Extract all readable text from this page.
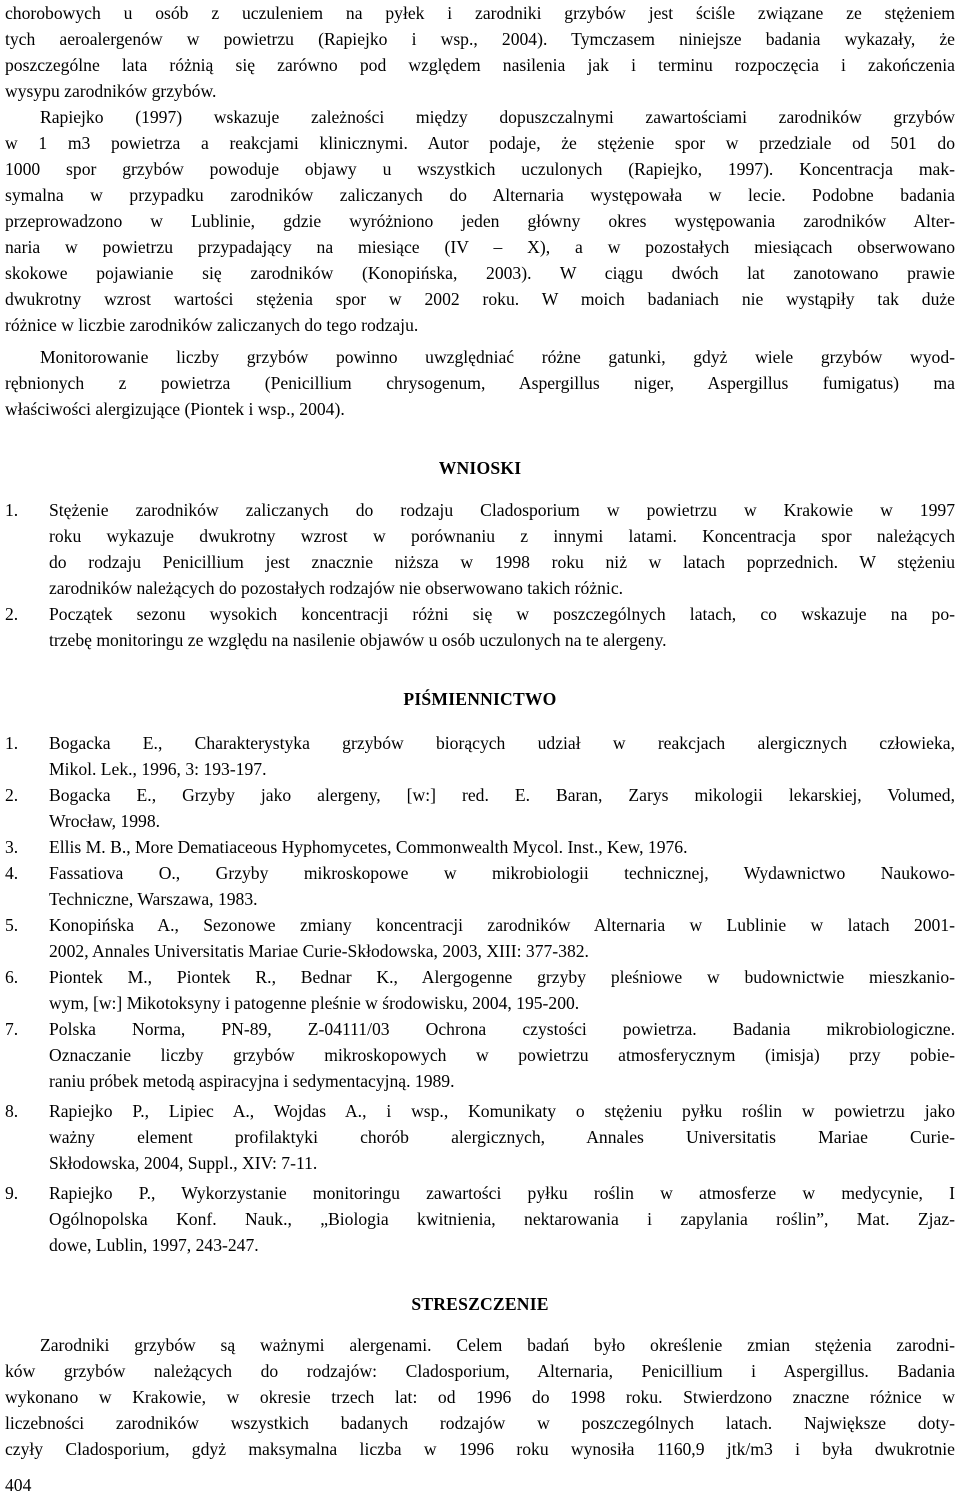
chorobowych u osób z uczuleniem na pyłek i zarodniki grzybów jest ściśle związane ze stężeniem

tych aeroalergenów w powietrzu (Rapiejko i wsp., 2004). Tymczasem niniejsze badania wykazały, że

poszczególne lata różnią się zarówno pod względem nasilenia jak i terminu rozpoczęcia i zakończenia

wysypu zarodników grzybów.

Rapiejko (1997) wskazuje zależności między dopuszczalnymi zawartościami zarodników grzybów

w 1 m3 powietrza a reakcjami klinicznymi. Autor podaje, że stężenie spor w przedziale od 501 do

1000 spor grzybów powoduje objawy u wszystkich uczulonych (Rapiejko, 1997). Koncentracja mak-

symalna w przypadku zarodników zaliczanych do Alternaria występowała w lecie. Podobne badania

przeprowadzono w Lublinie, gdzie wyróżniono jeden główny okres występowania zarodników Alter-

naria w powietrzu przypadający na miesiące (IV – X), a w pozostałych miesiącach obserwowano

skokowe pojawianie się zarodników (Konopińska, 2003). W ciągu dwóch lat zanotowano prawie

dwukrotny wzrost wartości stężenia spor w 2002 roku. W moich badaniach nie wystąpiły tak duże

różnice w liczbie zarodników zaliczanych do tego rodzaju.

Monitorowanie liczby grzybów powinno uwzględniać różne gatunki, gdyż wiele grzybów wyod-

rębnionych z powietrza (Penicillium chrysogenum, Aspergillus niger, Aspergillus fumigatus) ma

właściwości alergizujące (Piontek i wsp., 2004).

WNIOSKI
1. Stężenie zarodników zaliczanych do rodzaju Cladosporium w powietrzu w Krakowie w 1997

roku wykazuje dwukrotny wzrost w porównaniu z innymi latami. Koncentracja spor należących

do rodzaju Penicillium jest znacznie niższa w 1998 roku niż w latach poprzednich. W stężeniu

zarodników należących do pozostałych rodzajów nie obserwowano takich różnic.

2. Początek sezonu wysokich koncentracji różni się w poszczególnych latach, co wskazuje na po-

trzebę monitoringu ze względu na nasilenie objawów u osób uczulonych na te alergeny.

PIŚMIENNICTWO
1. Bogacka E., Charakterystyka grzybów biorących udział w reakcjach alergicznych człowieka,

Mikol. Lek., 1996, 3: 193-197.

2. Bogacka E., Grzyby jako alergeny, [w:] red. E. Baran, Zarys mikologii lekarskiej, Volumed,

Wrocław, 1998.

3. Ellis M. B., More Dematiaceous Hyphomycetes, Commonwealth Mycol. Inst., Kew, 1976.

4. Fassatiova O., Grzyby mikroskopowe w mikrobiologii technicznej, Wydawnictwo Naukowo-

Techniczne, Warszawa, 1983.

5. Konopińska A., Sezonowe zmiany koncentracji zarodników Alternaria w Lublinie w latach 2001-

2002, Annales Universitatis Mariae Curie-Skłodowska, 2003, XIII: 377-382.

6. Piontek M., Piontek R., Bednar K., Alergogenne grzyby pleśniowe w budownictwie mieszkanio-

wym, [w:] Mikotoksyny i patogenne pleśnie w środowisku, 2004, 195-200.

7. Polska Norma, PN-89, Z-04111/03 Ochrona czystości powietrza. Badania mikrobiologiczne.

Oznaczanie liczby grzybów mikroskopowych w powietrzu atmosferycznym (imisja) przy pobie-

raniu próbek metodą aspiracyjna i sedymentacyjną. 1989.

8. Rapiejko P., Lipiec A., Wojdas A., i wsp., Komunikaty o stężeniu pyłku roślin w powietrzu jako

ważny element profilaktyki chorób alergicznych, Annales Universitatis Mariae Curie-

Skłodowska, 2004, Suppl., XIV: 7-11.

9. Rapiejko P., Wykorzystanie monitoringu zawartości pyłku roślin w atmosferze w medycynie, I

Ogólnopolska Konf. Nauk., „Biologia kwitnienia, nektarowania i zapylania roślin”, Mat. Zjaz-

dowe, Lublin, 1997, 243-247.

STRESZCZENIE

Zarodniki grzybów są ważnymi alergenami. Celem badań było określenie zmian stężenia zarodni-

ków grzybów należących do rodzajów: Cladosporium, Alternaria, Penicillium i Aspergillus. Badania

wykonano w Krakowie, w okresie trzech lat: od 1996 do 1998 roku. Stwierdzono znaczne różnice w

liczebności zarodników wszystkich badanych rodzajów w poszczególnych latach. Największe doty-

czyły Cladosporium, gdyż maksymalna liczba w 1996 roku wynosiła 1160,9 jtk/m3 i była dwukrotnie

404
